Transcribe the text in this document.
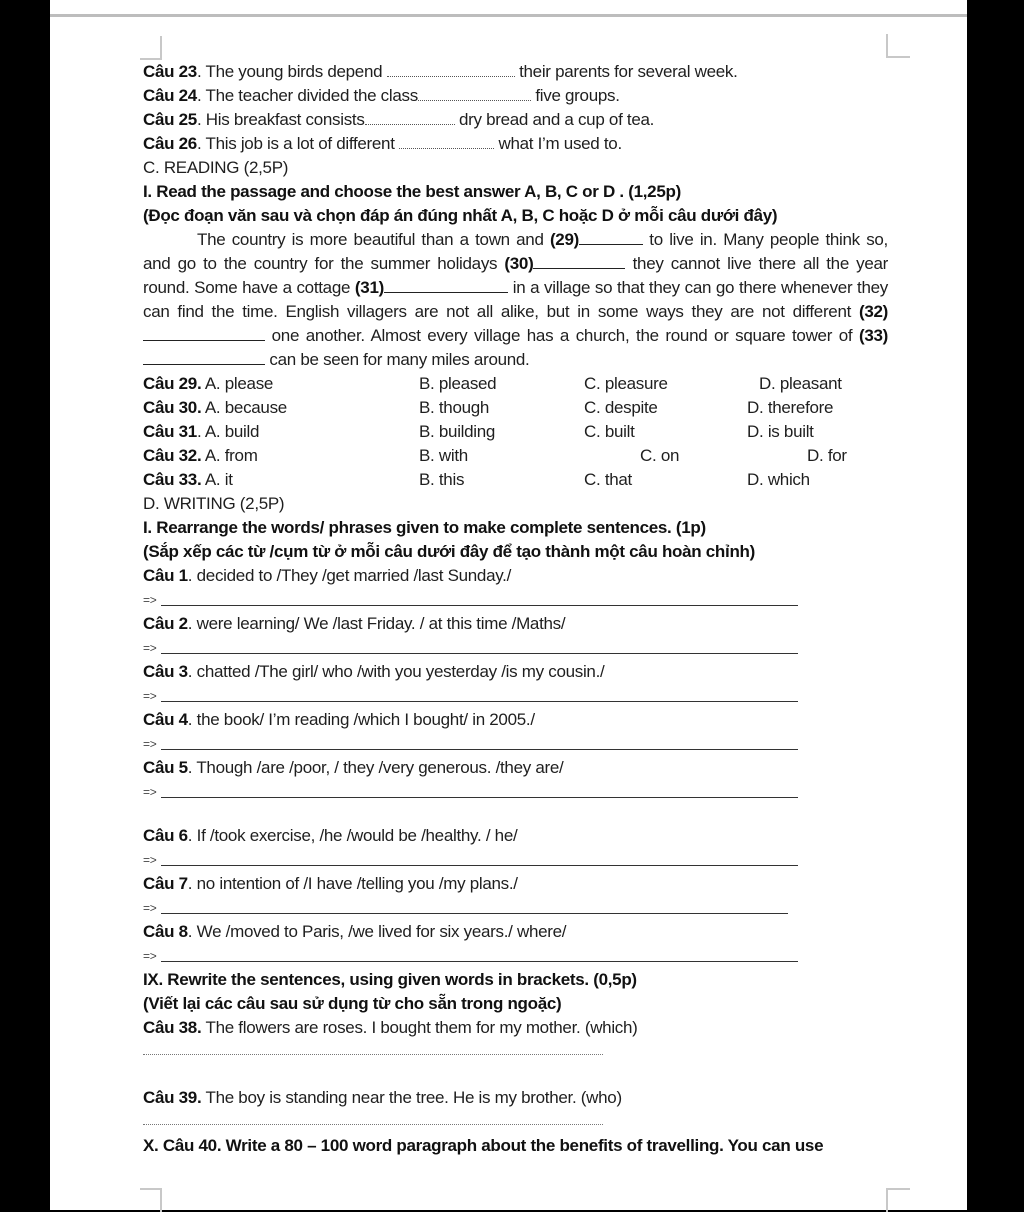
Câu 23. The young birds depend	their parents for several week.
Câu 24. The teacher divided the class	five groups.
Câu 25. His breakfast consists	dry bread and a cup of tea.
Câu 26. This job is a lot of different	what I’m used to.
C. READING (2,5P)
I. Read the passage and choose the best answer A, B, C or D . (1,25p)
(Đọc đoạn văn sau và chọn đáp án đúng nhất A, B, C hoặc D ở mỗi câu dưới đây)
The country is more beautiful than a town and (29)	to live in. Many people think so, and go to the country for the summer holidays (30)	they cannot live there all the year round. Some have a cottage (31)	in a village so that they can go there whenever they can find the time. English villagers are not all alike, but in some ways they are not different (32) one another. Almost every village has a church, the round or square tower of (33) can be seen for many miles around.
Câu 29. A. please	B. pleased	C. pleasure	D. pleasant
Câu 30. A. because	B. though	C. despite	D. therefore
Câu 31. A. build	B. building	C. built	D. is built
Câu 32. A. from	B. with	C. on	D. for
Câu 33. A. it	B. this	C. that	D. which
D. WRITING (2,5P)
I. Rearrange the words/ phrases given to make complete sentences. (1p)
(Sắp xếp các từ /cụm từ ở mỗi câu dưới đây để tạo thành một câu hoàn chỉnh)
Câu 1. decided to /They /get married /last Sunday./
=>
Câu 2. were learning/ We /last Friday. / at this time /Maths/
=>
Câu 3. chatted /The girl/ who /with you yesterday /is my cousin./
=>
Câu 4. the book/ I’m reading /which I bought/ in 2005./
=>
Câu 5. Though /are /poor, / they /very generous. /they are/
=>
Câu 6. If /took exercise, /he /would be /healthy. / he/
=>
Câu 7. no intention of /I have /telling you /my plans./
=>
Câu 8. We /moved to Paris, /we lived for six years./ where/
=>
IX. Rewrite the sentences, using given words in brackets. (0,5p)
(Viết lại các câu sau sử dụng từ cho sẵn trong ngoặc)
Câu 38. The flowers are roses. I bought them for my mother. (which)
Câu 39. The boy is standing near the tree. He is my brother. (who)
X. Câu 40. Write a 80 – 100 word paragraph about the benefits of travelling. You can use
